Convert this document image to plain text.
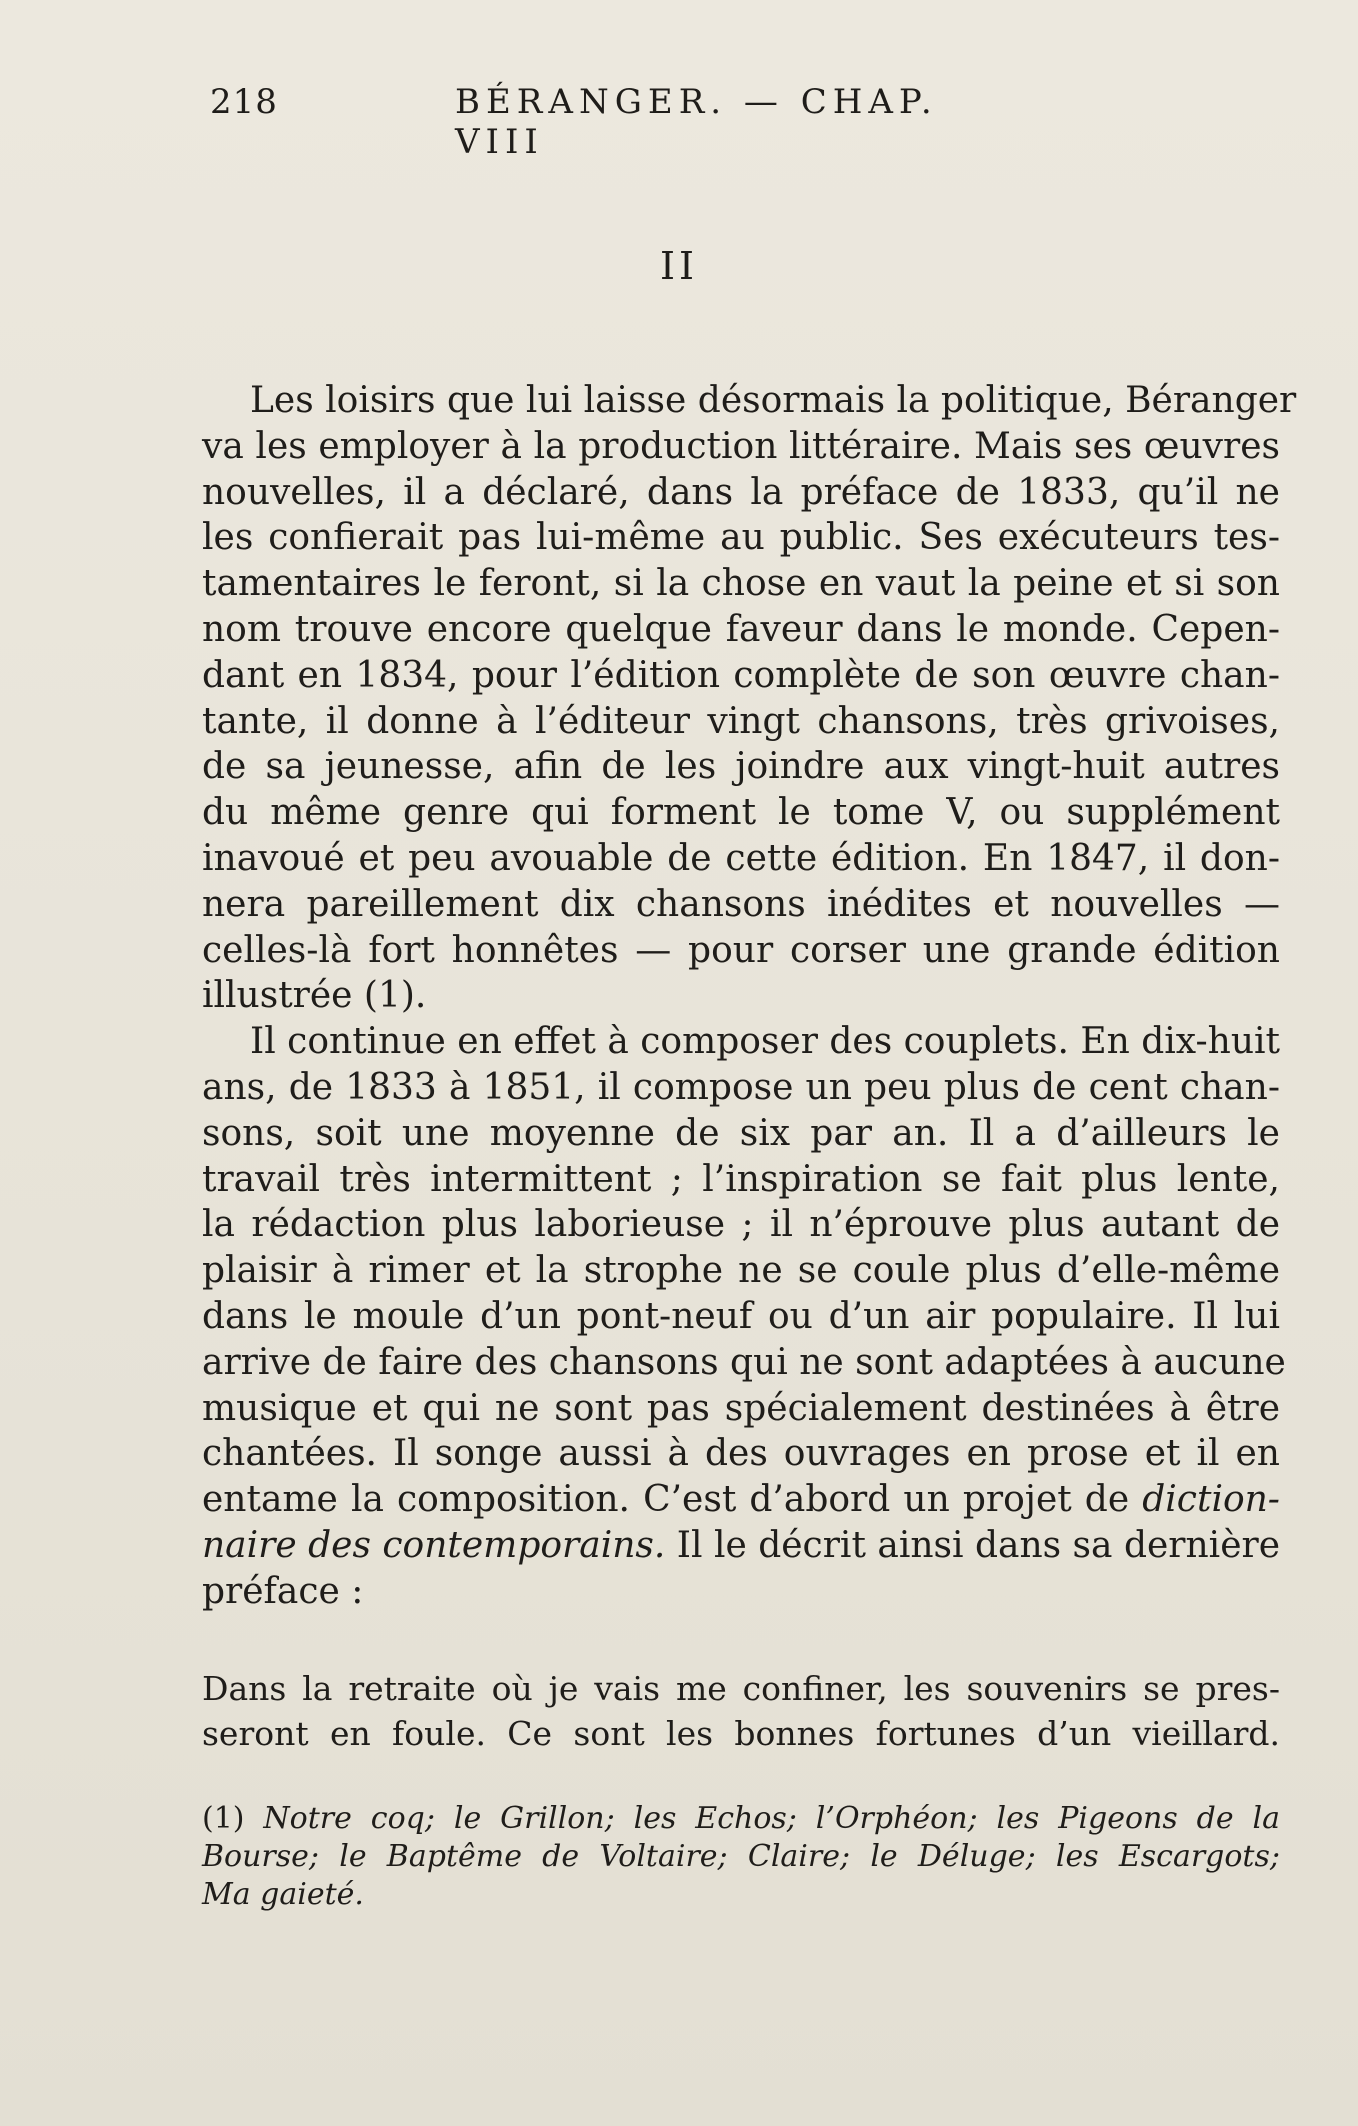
218	BÉRANGER. — CHAP. VIII
II
Les loisirs que lui laisse désormais la politique, Béranger
va les employer à la production littéraire. Mais ses œuvres
nouvelles, il a déclaré, dans la préface de 1833, qu’il ne
les confierait pas lui-même au public. Ses exécuteurs tes-
tamentaires le feront, si la chose en vaut la peine et si son
nom trouve encore quelque faveur dans le monde. Cepen-
dant en 1834, pour l’édition complète de son œuvre chan-
tante, il donne à l’éditeur vingt chansons, très grivoises,
de sa jeunesse, afin de les joindre aux vingt-huit autres
du même genre qui forment le tome V, ou supplément
inavoué et peu avouable de cette édition. En 1847, il don-
nera pareillement dix chansons inédites et nouvelles —
celles-là fort honnêtes — pour corser une grande édition
illustrée (1).
Il continue en effet à composer des couplets. En dix-huit
ans, de 1833 à 1851, il compose un peu plus de cent chan-
sons, soit une moyenne de six par an. Il a d’ailleurs le
travail très intermittent ; l’inspiration se fait plus lente,
la rédaction plus laborieuse ; il n’éprouve plus autant de
plaisir à rimer et la strophe ne se coule plus d’elle-même
dans le moule d’un pont-neuf ou d’un air populaire. Il lui
arrive de faire des chansons qui ne sont adaptées à aucune
musique et qui ne sont pas spécialement destinées à être
chantées. Il songe aussi à des ouvrages en prose et il en
entame la composition. C’est d’abord un projet de diction-
naire des contemporains. Il le décrit ainsi dans sa dernière
préface :
Dans la retraite où je vais me confiner, les souvenirs se pres-
seront en foule. Ce sont les bonnes fortunes d’un vieillard.
(1) Notre coq; le Grillon; les Echos; l’Orphéon; les Pigeons de la
Bourse; le Baptême de Voltaire; Claire; le Déluge; les Escargots;
Ma gaieté.
